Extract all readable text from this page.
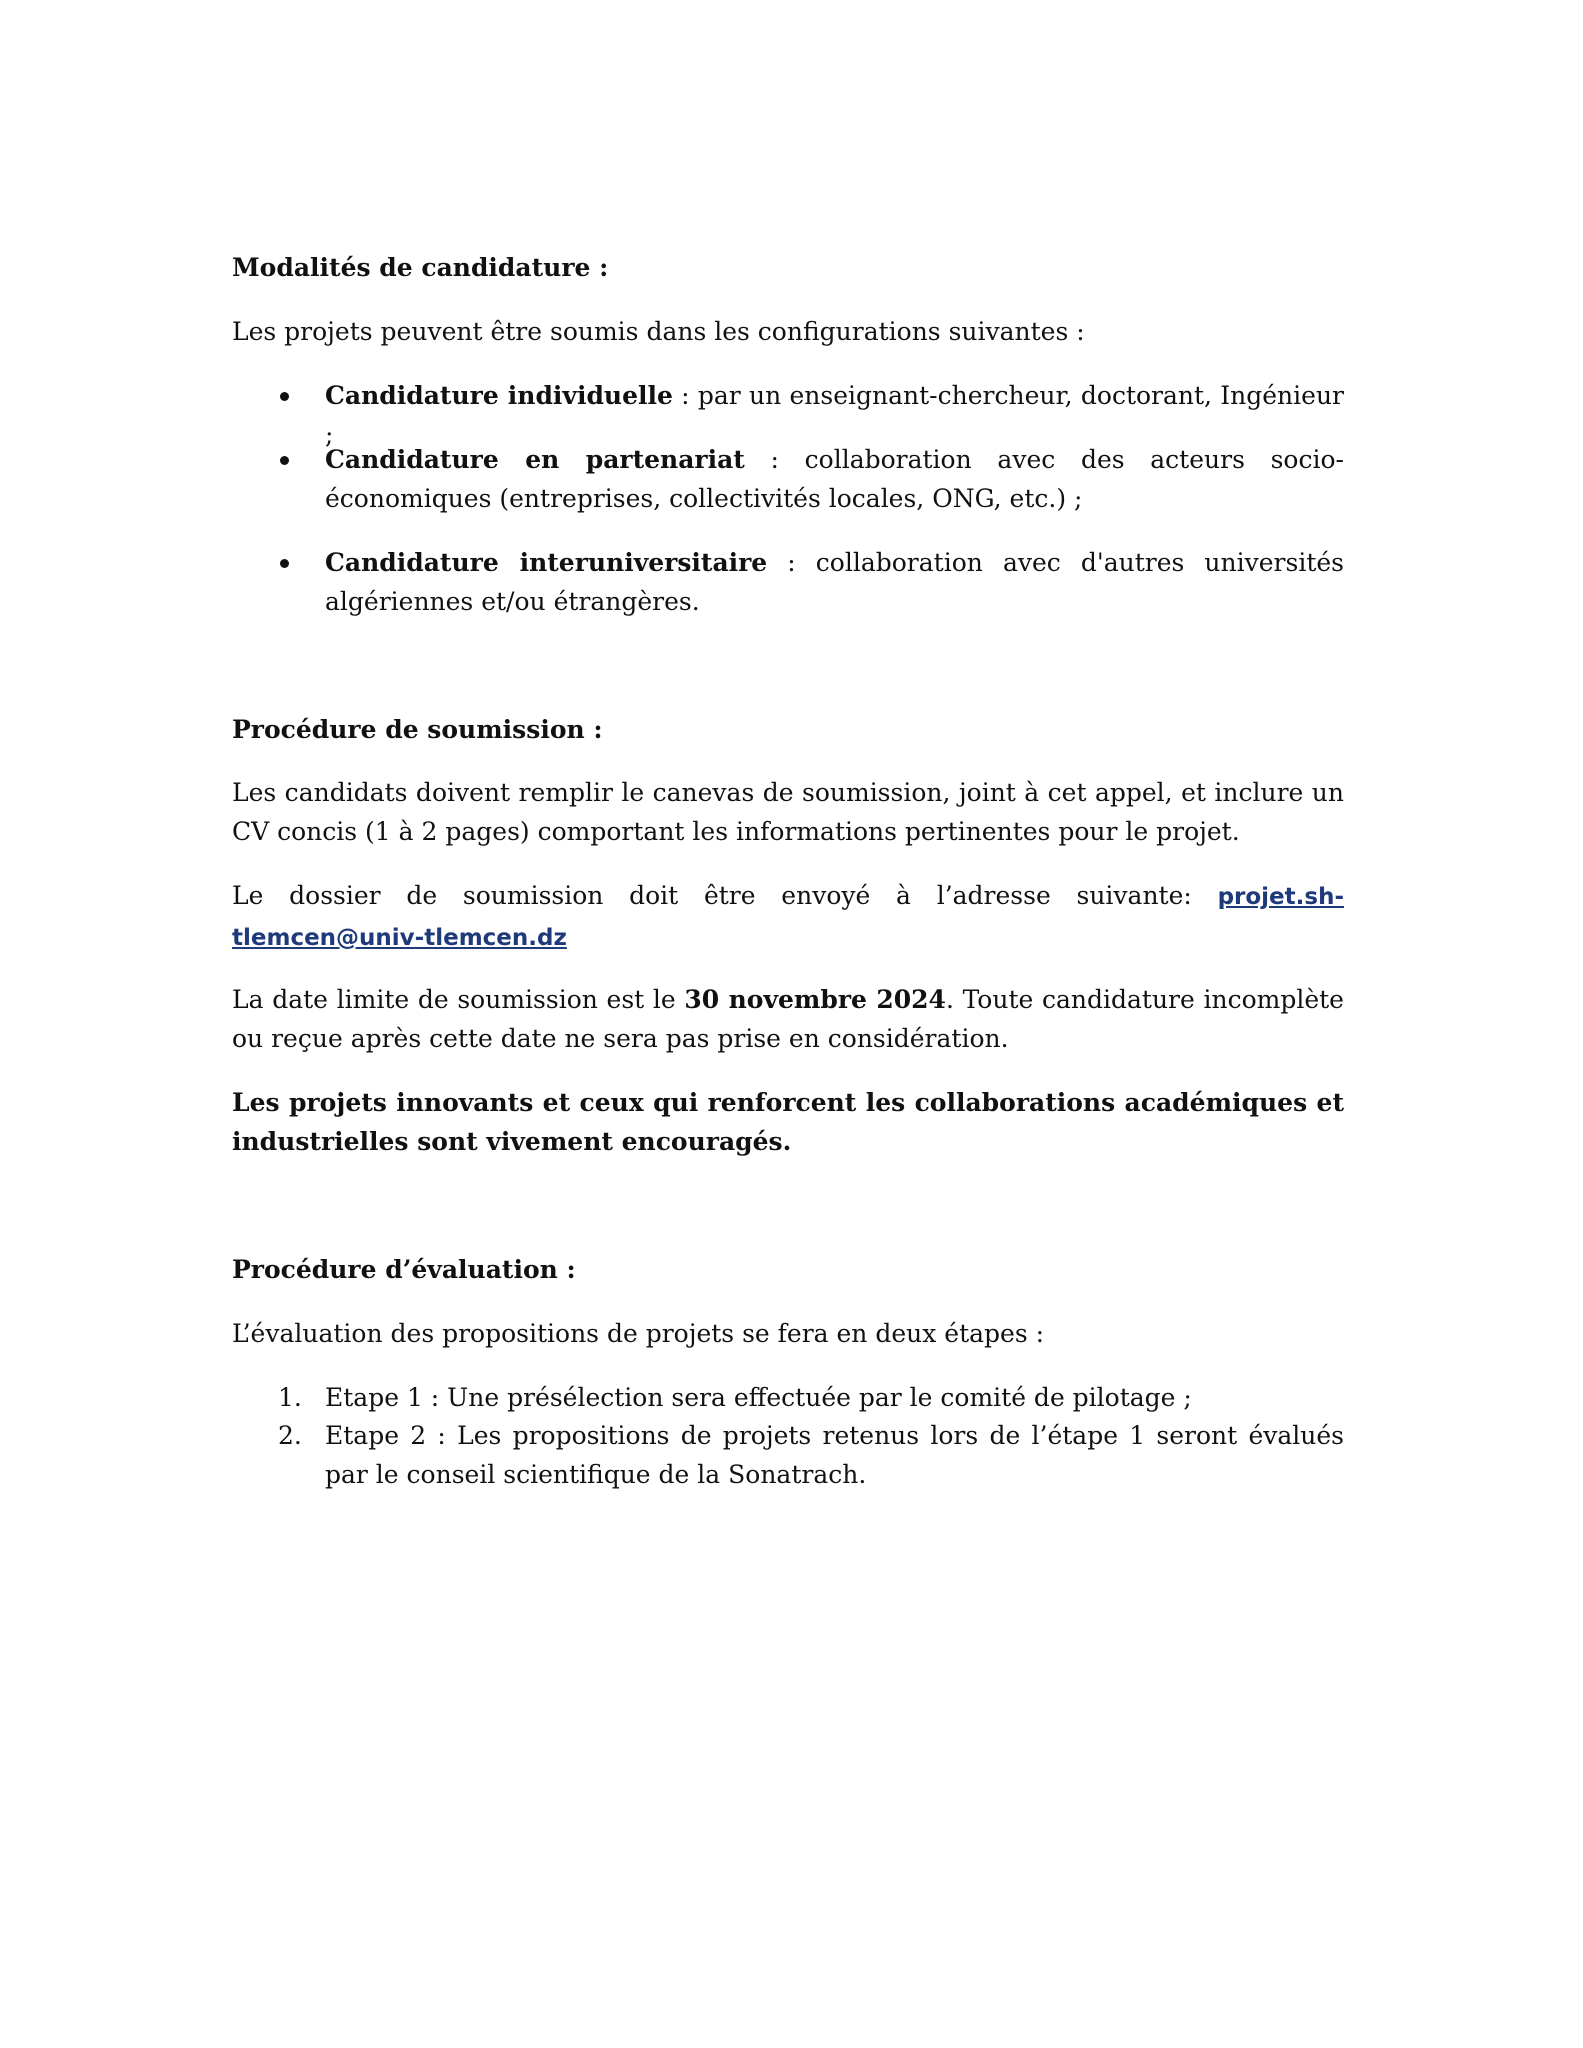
Modalités de candidature :
Les projets peuvent être soumis dans les configurations suivantes :
Candidature individuelle : par un enseignant-chercheur, doctorant, Ingénieur ;
Candidature en partenariat : collaboration avec des acteurs socio-économiques (entreprises, collectivités locales, ONG, etc.) ;
Candidature interuniversitaire : collaboration avec d'autres universités algériennes et/ou étrangères.
Procédure de soumission :
Les candidats doivent remplir le canevas de soumission, joint à cet appel, et inclure un CV concis (1 à 2 pages) comportant les informations pertinentes pour le projet.
Le dossier de soumission doit être envoyé à l’adresse suivante: projet.sh-tlemcen@univ-tlemcen.dz
La date limite de soumission est le 30 novembre 2024. Toute candidature incomplète ou reçue après cette date ne sera pas prise en considération.
Les projets innovants et ceux qui renforcent les collaborations académiques et industrielles sont vivement encouragés.
Procédure d’évaluation :
L’évaluation des propositions de projets se fera en deux étapes :
1. Etape 1 : Une présélection sera effectuée par le comité de pilotage ;
2. Etape 2 : Les propositions de projets retenus lors de l’étape 1 seront évalués par le conseil scientifique de la Sonatrach.
